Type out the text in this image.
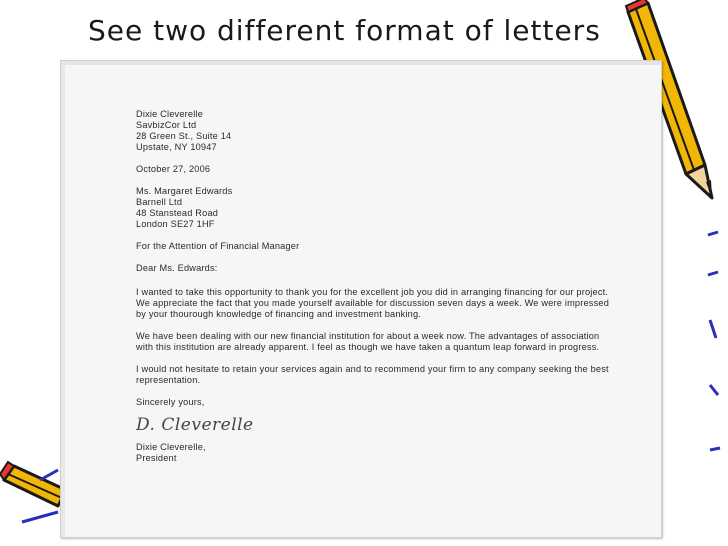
See two different format of letters
Dixie Cleverelle
SavbizCor Ltd
28 Green St., Suite 14
Upstate, NY 10947
October 27, 2006
Ms. Margaret Edwards
Barnell Ltd
48 Stanstead Road
London SE27 1HF
For the Attention of Financial Manager
Dear Ms. Edwards:
I wanted to take this opportunity to thank you for the excellent job you did in arranging financing for our project. We appreciate the fact that you made yourself available for discussion seven days a week. We were impressed by your thourough knowledge of financing and investment banking.
We have been dealing with our new financial institution for about a week now. The advantages of association with this institution are already apparent. I feel as though we have taken a quantum leap forward in progress.
I would not hesitate to retain your services again and to recommend your firm to any company seeking the best representation.
Sincerely yours,
D. Cleverelle
Dixie Cleverelle,
President
